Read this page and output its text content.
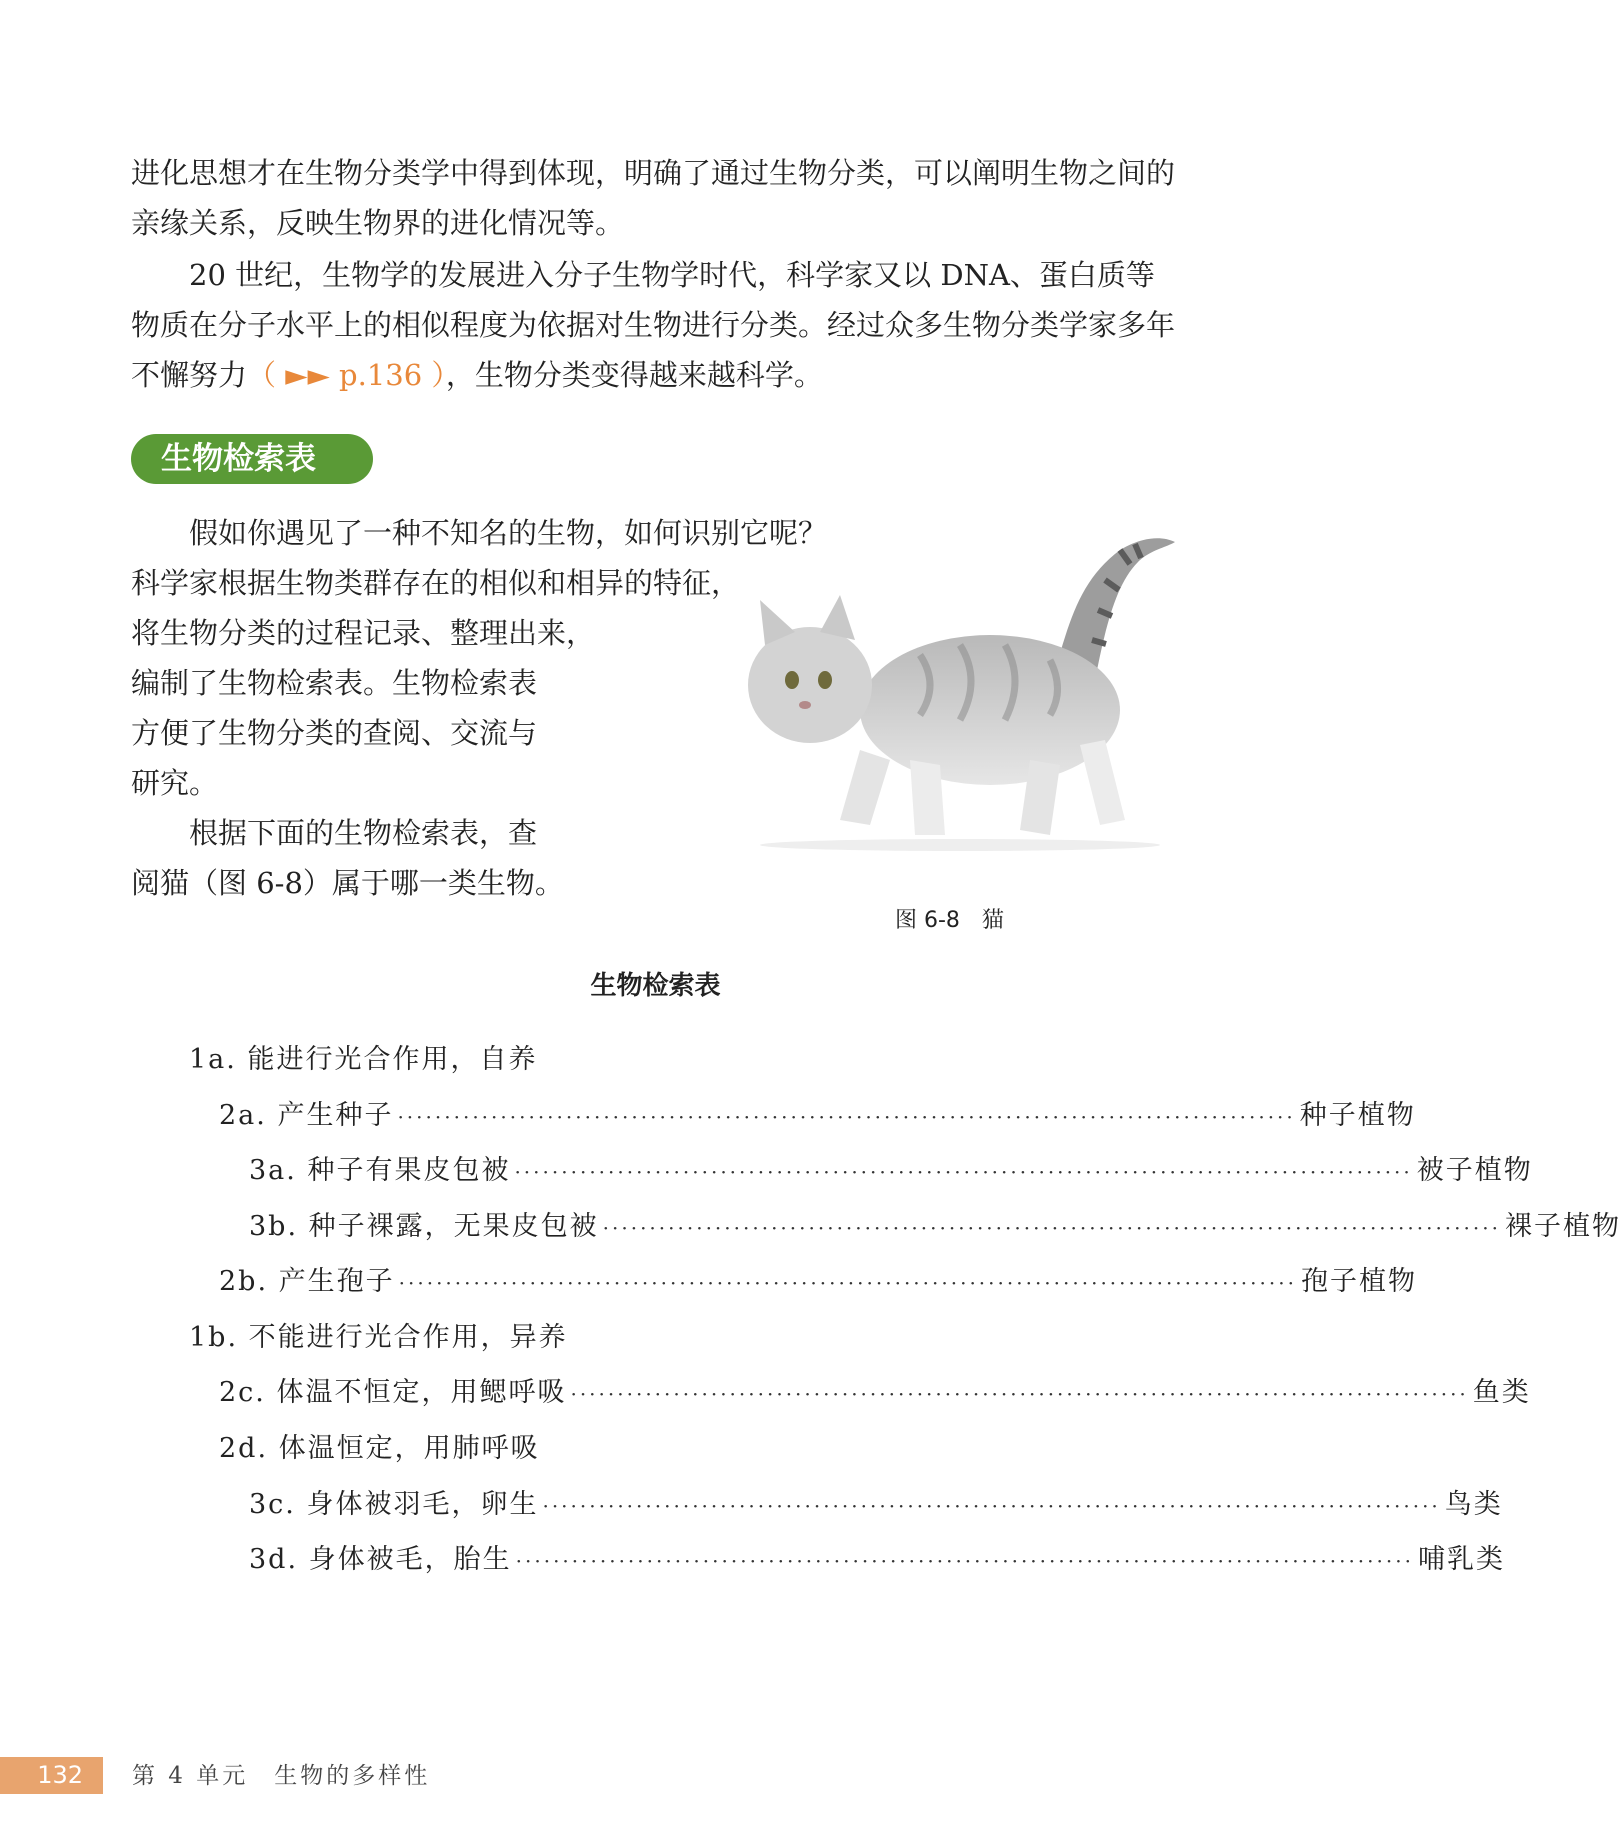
进化思想才在生物分类学中得到体现，明确了通过生物分类，可以阐明生物之间的亲缘关系，反映生物界的进化情况等。

20 世纪，生物学的发展进入分子生物学时代，科学家又以 DNA、蛋白质等物质在分子水平上的相似程度为依据对生物进行分类。经过众多生物分类学家多年不懈努力（ ►► p.136 ），生物分类变得越来越科学。

生物检索表
假如你遇见了一种不知名的生物，如何识别它呢？
科学家根据生物类群存在的相似和相异的特征，
将生物分类的过程记录、整理出来，
编制了生物检索表。生物检索表
方便了生物分类的查阅、交流与
研究。
根据下面的生物检索表，查
阅猫（图 6-8）属于哪一类生物。
图 6-8　猫
生物检索表
1a. 能进行光合作用，自养
2a. 产生种子 ································································································ 种子植物
3a. 种子有果皮包被 ································································································ 被子植物
3b. 种子裸露，无果皮包被 ································································································ 裸子植物
2b. 产生孢子 ································································································ 孢子植物
1b. 不能进行光合作用，异养
2c. 体温不恒定，用鳃呼吸 ································································································ 鱼类
2d. 体温恒定，用肺呼吸
3c. 身体被羽毛，卵生 ································································································ 鸟类
3d. 身体被毛，胎生 ································································································ 哺乳类
132	第 4 单元　生物的多样性
